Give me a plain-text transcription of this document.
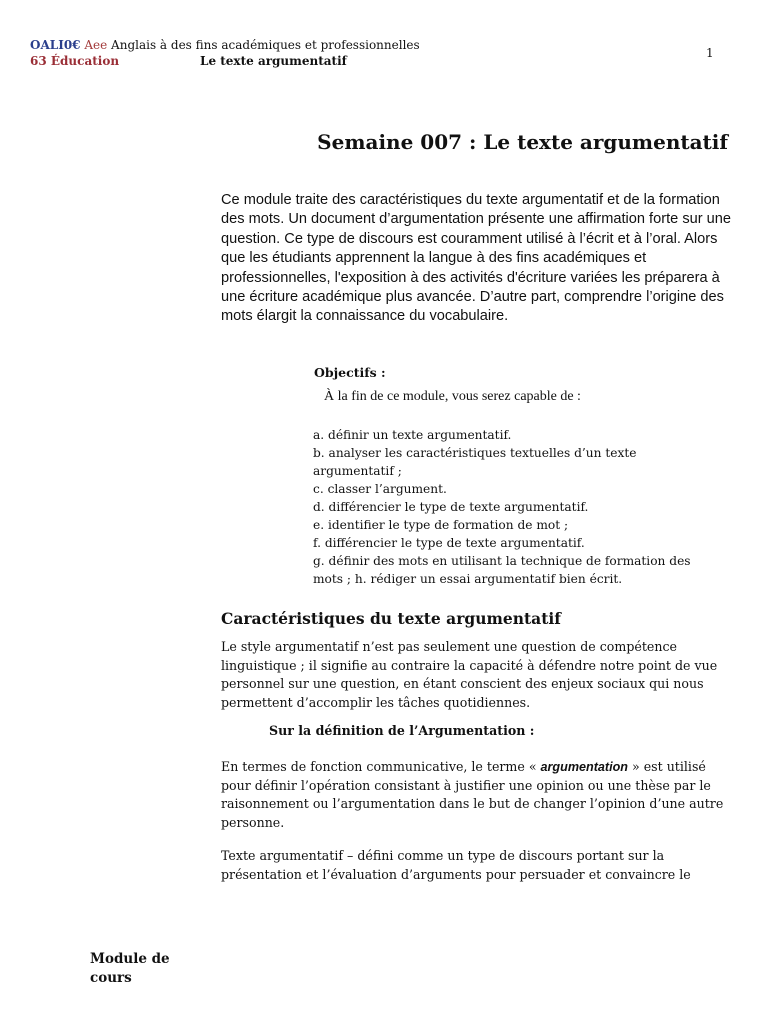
OALI0€ Aee Anglais à des fins académiques et professionnelles
63 Éducation	Le texte argumentatif
1
Semaine 007 : Le texte argumentatif

Ce module traite des caractéristiques du texte argumentatif et de la formation des mots. Un document d’argumentation présente une affirmation forte sur une question. Ce type de discours est couramment utilisé à l’écrit et à l’oral. Alors que les étudiants apprennent la langue à des fins académiques et professionnelles, l'exposition à des activités d'écriture variées les préparera à une écriture académique plus avancée. D’autre part, comprendre l’origine des mots élargit la connaissance du vocabulaire.

Objectifs :
À la fin de ce module, vous serez capable de :
a. définir un texte argumentatif.
b. analyser les caractéristiques textuelles d’un texte argumentatif ;
c. classer l’argument.
d. différencier le type de texte argumentatif.
e. identifier le type de formation de mot ;
f. différencier le type de texte argumentatif.
g. définir des mots en utilisant la technique de formation des mots ; h. rédiger un essai argumentatif bien écrit.
Caractéristiques du texte argumentatif

Le style argumentatif n’est pas seulement une question de compétence linguistique ; il signifie au contraire la capacité à défendre notre point de vue personnel sur une question, en étant conscient des enjeux sociaux qui nous permettent d’accomplir les tâches quotidiennes.

Sur la définition de l’Argumentation :

En termes de fonction communicative, le terme « argumentation » est utilisé pour définir l’opération consistant à justifier une opinion ou une thèse par le raisonnement ou l’argumentation dans le but de changer l’opinion d’une autre personne.

Texte argumentatif – défini comme un type de discours portant sur la présentation et l’évaluation d’arguments pour persuader et convaincre le

Module de cours
